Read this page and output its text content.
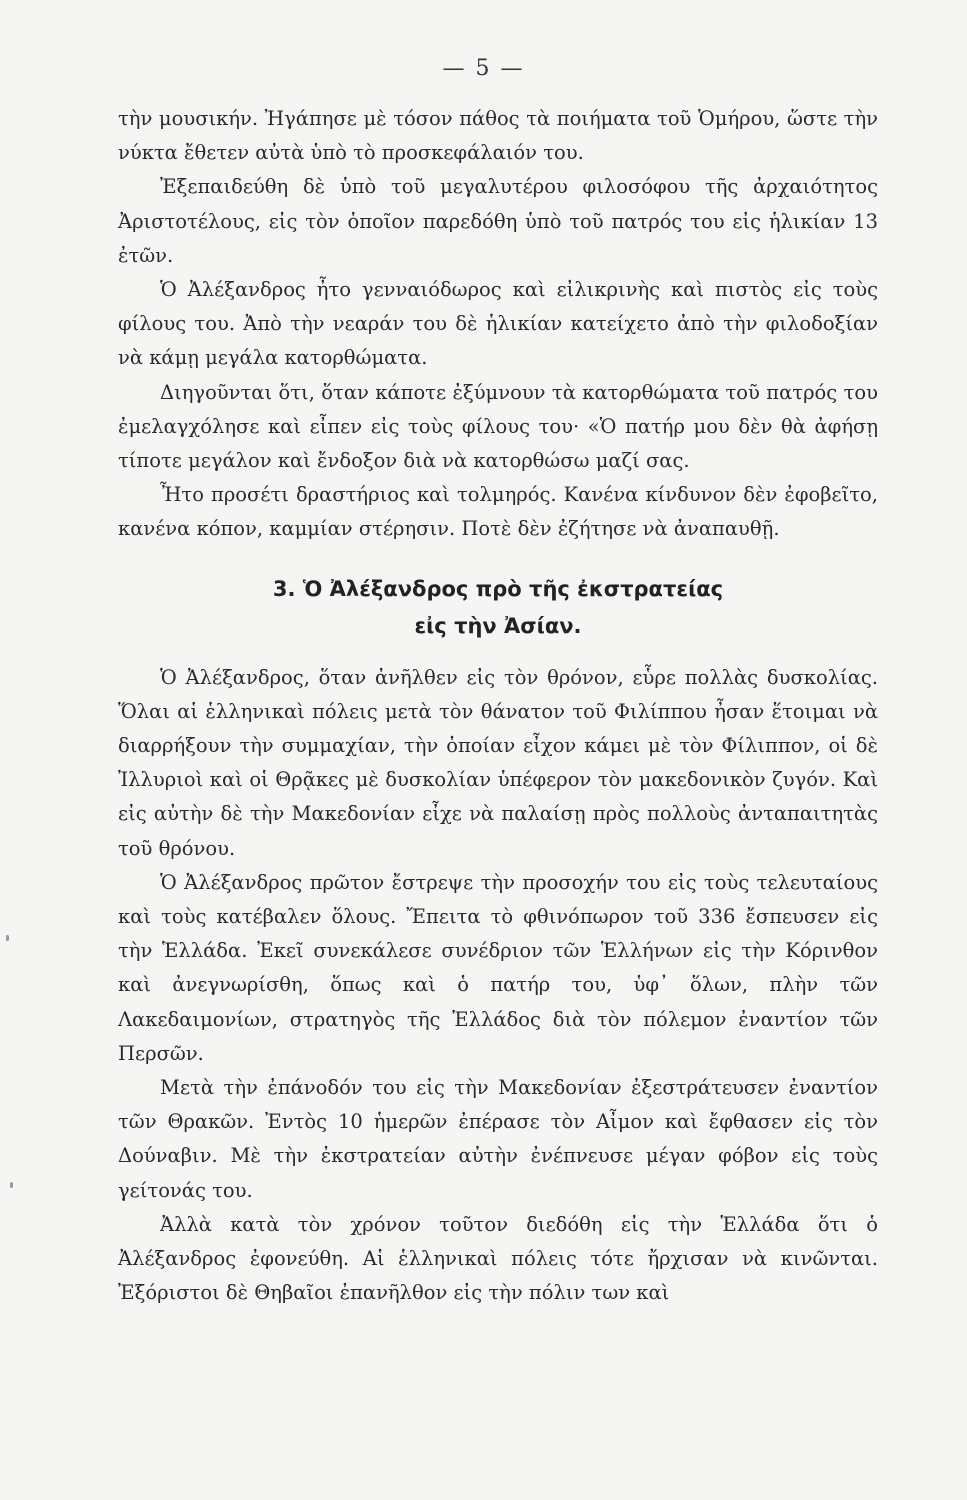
— 5 —

τὴν μουσικήν. Ἠγάπησε μὲ τόσον πάθος τὰ ποιήματα τοῦ Ὁμήρου, ὥστε τὴν νύκτα ἔθετεν αὐτὰ ὑπὸ τὸ προσκεφάλαιόν του.

Ἐξεπαιδεύθη δὲ ὑπὸ τοῦ μεγαλυτέρου φιλοσόφου τῆς ἀρχαιότητος Ἀριστοτέλους, εἰς τὸν ὁποῖον παρεδόθη ὑπὸ τοῦ πατρός του εἰς ἡλικίαν 13 ἐτῶν.

Ὁ Ἀλέξανδρος ἦτο γενναιόδωρος καὶ εἰλικρινὴς καὶ πιστὸς εἰς τοὺς φίλους του. Ἀπὸ τὴν νεαράν του δὲ ἡλικίαν κατείχετο ἀπὸ τὴν φιλοδοξίαν νὰ κάμῃ μεγάλα κατορθώματα.

Διηγοῦνται ὅτι, ὅταν κάποτε ἐξύμνουν τὰ κατορθώματα τοῦ πατρός του ἐμελαγχόλησε καὶ εἶπεν εἰς τοὺς φίλους του· «Ὁ πατήρ μου δὲν θὰ ἀφήσῃ τίποτε μεγάλον καὶ ἔνδοξον διὰ νὰ κατορθώσω μαζί σας.

Ἦτο προσέτι δραστήριος καὶ τολμηρός. Κανένα κίνδυνον δὲν ἐφοβεῖτο, κανένα κόπον, καμμίαν στέρησιν. Ποτὲ δὲν ἐζήτησε νὰ ἀναπαυθῇ.

3. Ὁ Ἀλέξανδρος πρὸ τῆς ἐκστρατείας
εἰς τὴν Ἀσίαν.

Ὁ Ἀλέξανδρος, ὅταν ἀνῆλθεν εἰς τὸν θρόνον, εὗρε πολλὰς δυσκολίας. Ὅλαι αἱ ἑλληνικαὶ πόλεις μετὰ τὸν θάνατον τοῦ Φιλίππου ἦσαν ἕτοιμαι νὰ διαρρήξουν τὴν συμμαχίαν, τὴν ὁποίαν εἶχον κάμει μὲ τὸν Φίλιππον, οἱ δὲ Ἰλλυριοὶ καὶ οἱ Θρᾷκες μὲ δυσκολίαν ὑπέφερον τὸν μακεδονικὸν ζυγόν. Καὶ εἰς αὐτὴν δὲ τὴν Μακεδονίαν εἶχε νὰ παλαίσῃ πρὸς πολλοὺς ἀνταπαιτητὰς τοῦ θρόνου.

Ὁ Ἀλέξανδρος πρῶτον ἔστρεψε τὴν προσοχήν του εἰς τοὺς τελευταίους καὶ τοὺς κατέβαλεν ὅλους. Ἔπειτα τὸ φθινόπωρον τοῦ 336 ἔσπευσεν εἰς τὴν Ἑλλάδα. Ἐκεῖ συνεκάλεσε συνέδριον τῶν Ἑλλήνων εἰς τὴν Κόρινθον καὶ ἀνεγνωρίσθη, ὅπως καὶ ὁ πατήρ του, ὑφ᾿ ὅλων, πλὴν τῶν Λακεδαιμονίων, στρατηγὸς τῆς Ἑλλάδος διὰ τὸν πόλεμον ἐναντίον τῶν Περσῶν.

Μετὰ τὴν ἐπάνοδόν του εἰς τὴν Μακεδονίαν ἐξεστράτευσεν ἐναντίον τῶν Θρακῶν. Ἐντὸς 10 ἡμερῶν ἐπέρασε τὸν Αἶμον καὶ ἔφθασεν εἰς τὸν Δούναβιν. Μὲ τὴν ἐκστρατείαν αὐτὴν ἐνέπνευσε μέγαν φόβον εἰς τοὺς γείτονάς του.

Ἀλλὰ κατὰ τὸν χρόνον τοῦτον διεδόθη εἰς τὴν Ἑλλάδα ὅτι ὁ Ἀλέξανδρος ἐφονεύθη. Αἱ ἑλληνικαὶ πόλεις τότε ἤρχισαν νὰ κινῶνται. Ἐξόριστοι δὲ Θηβαῖοι ἐπανῆλθον εἰς τὴν πόλιν των καὶ
